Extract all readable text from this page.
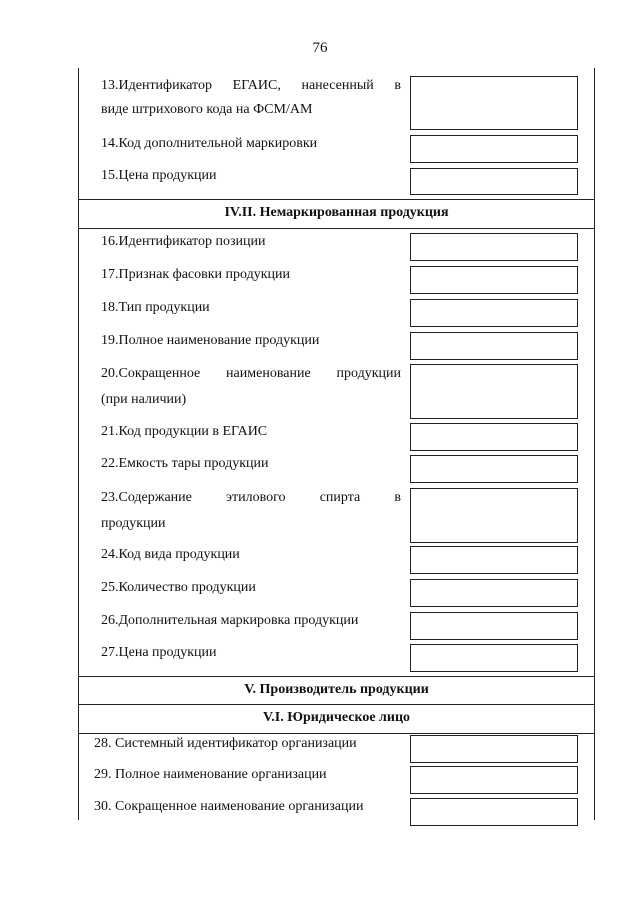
76
13.Идентификатор ЕГАИС, нанесенный в
виде штрихового кода на ФСМ/АМ
14.Код дополнительной маркировки
15.Цена продукции
IV.II. Немаркированная продукция
16.Идентификатор позиции
17.Признак фасовки продукции
18.Тип продукции
19.Полное наименование продукции
20.Сокращенное наименование продукции
(при наличии)
21.Код продукции в ЕГАИС
22.Емкость тары продукции
23.Содержание этилового спирта в
продукции
24.Код вида продукции
25.Количество продукции
26.Дополнительная маркировка продукции
27.Цена продукции
V. Производитель продукции
V.I. Юридическое лицо
28. Системный идентификатор организации
29. Полное наименование организации
30. Сокращенное наименование организации
